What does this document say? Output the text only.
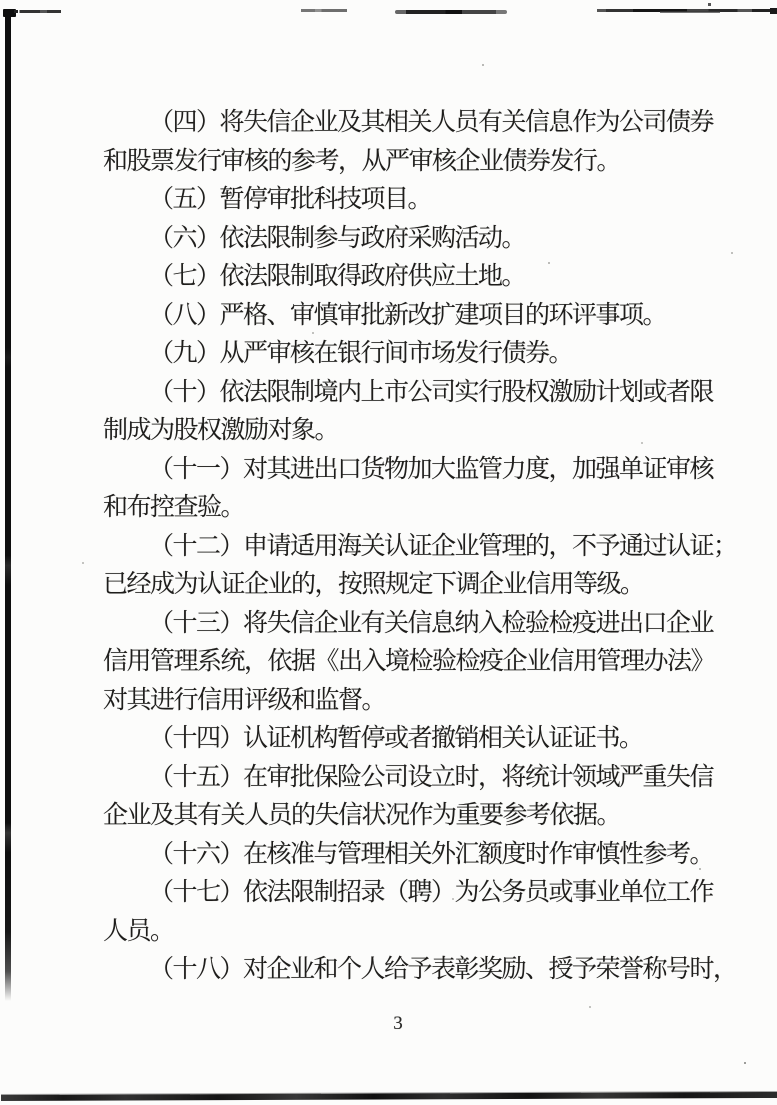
（四）将失信企业及其相关人员有关信息作为公司债券
和股票发行审核的参考，从严审核企业债券发行。
（五）暂停审批科技项目。
（六）依法限制参与政府采购活动。
（七）依法限制取得政府供应土地。
（八）严格、审慎审批新改扩建项目的环评事项。
（九）从严审核在银行间市场发行债券。
（十）依法限制境内上市公司实行股权激励计划或者限
制成为股权激励对象。
（十一）对其进出口货物加大监管力度，加强单证审核
和布控查验。
（十二）申请适用海关认证企业管理的，不予通过认证；
已经成为认证企业的，按照规定下调企业信用等级。
（十三）将失信企业有关信息纳入检验检疫进出口企业
信用管理系统，依据《出入境检验检疫企业信用管理办法》
对其进行信用评级和监督。
（十四）认证机构暂停或者撤销相关认证证书。
（十五）在审批保险公司设立时，将统计领域严重失信
企业及其有关人员的失信状况作为重要参考依据。
（十六）在核准与管理相关外汇额度时作审慎性参考。
（十七）依法限制招录（聘）为公务员或事业单位工作
人员。
（十八）对企业和个人给予表彰奖励、授予荣誉称号时，
3
